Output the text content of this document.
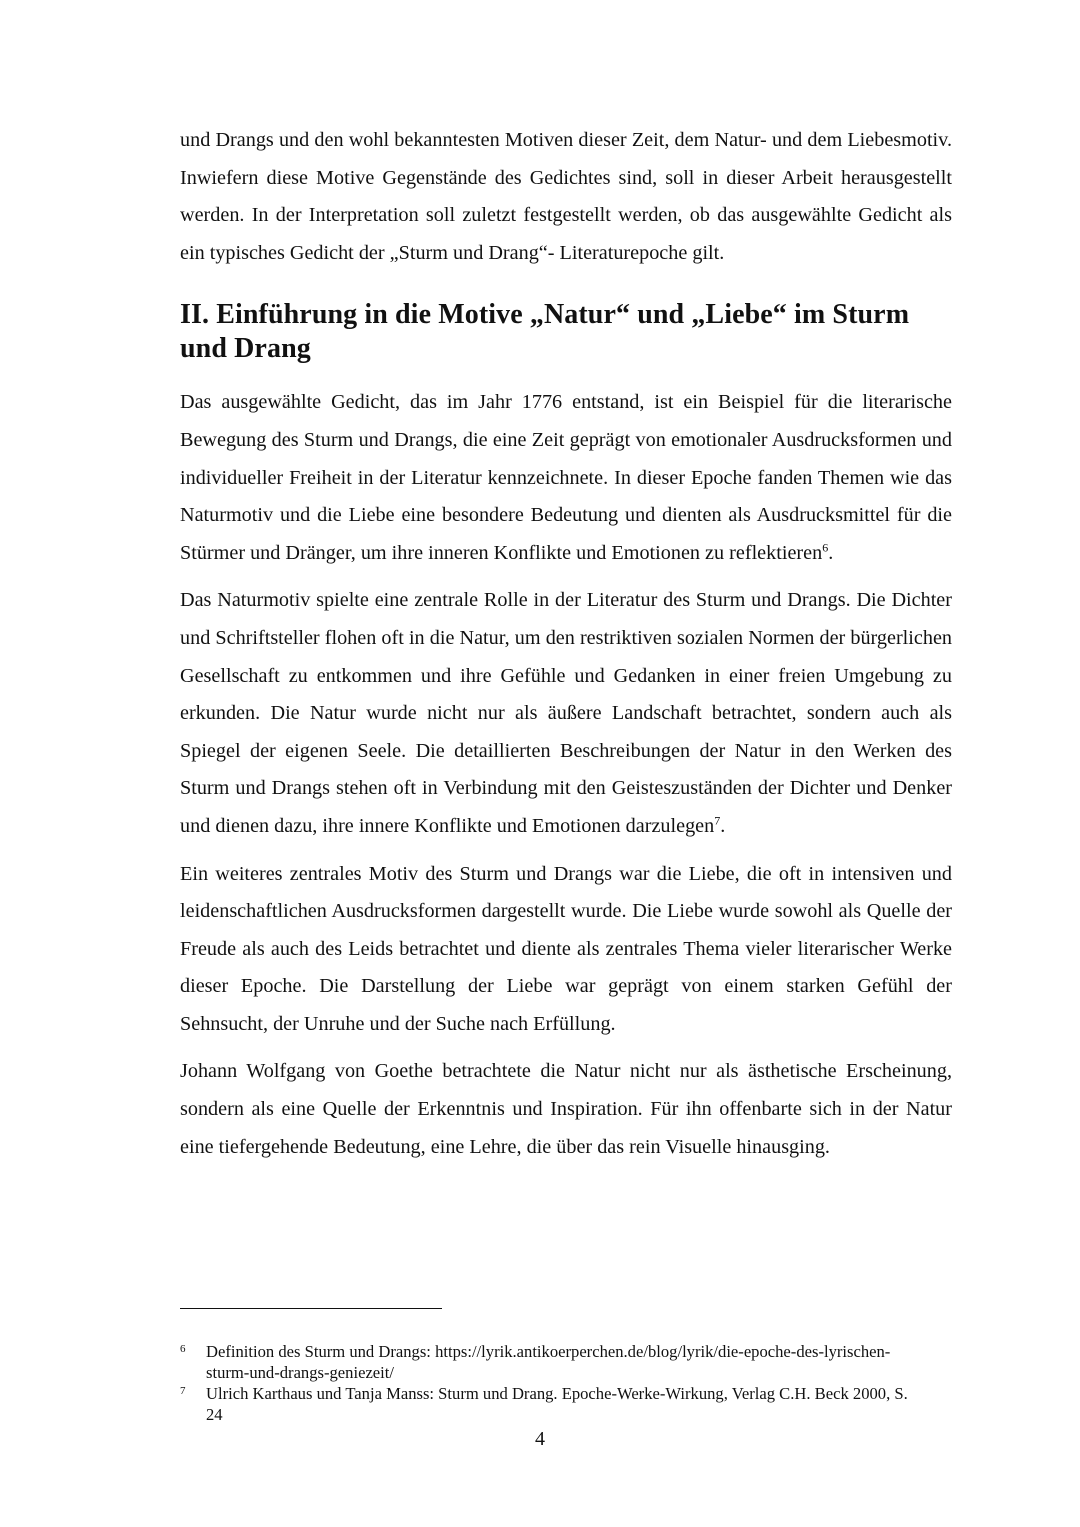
und Drangs und den wohl bekanntesten Motiven dieser Zeit, dem Natur- und dem Liebesmotiv. Inwiefern diese Motive Gegenstände des Gedichtes sind, soll in dieser Arbeit herausgestellt werden. In der Interpretation soll zuletzt festgestellt werden, ob das ausgewählte Gedicht als ein typisches Gedicht der „Sturm und Drang“- Literaturepoche gilt.

II. Einführung in die Motive „Natur“ und „Liebe“ im Sturm und Drang

Das ausgewählte Gedicht, das im Jahr 1776 entstand, ist ein Beispiel für die literarische Bewegung des Sturm und Drangs, die eine Zeit geprägt von emotionaler Ausdrucksformen und individueller Freiheit in der Literatur kennzeichnete. In dieser Epoche fanden Themen wie das Naturmotiv und die Liebe eine besondere Bedeutung und dienten als Ausdrucksmittel für die Stürmer und Dränger, um ihre inneren Konflikte und Emotionen zu reflektieren$^6$.

Das Naturmotiv spielte eine zentrale Rolle in der Literatur des Sturm und Drangs. Die Dichter und Schriftsteller flohen oft in die Natur, um den restriktiven sozialen Normen der bürgerlichen Gesellschaft zu entkommen und ihre Gefühle und Gedanken in einer freien Umgebung zu erkunden. Die Natur wurde nicht nur als äußere Landschaft betrachtet, sondern auch als Spiegel der eigenen Seele. Die detaillierten Beschreibungen der Natur in den Werken des Sturm und Drangs stehen oft in Verbindung mit den Geisteszuständen der Dichter und Denker und dienen dazu, ihre innere Konflikte und Emotionen darzulegen$^7$.

Ein weiteres zentrales Motiv des Sturm und Drangs war die Liebe, die oft in intensiven und leidenschaftlichen Ausdrucksformen dargestellt wurde. Die Liebe wurde sowohl als Quelle der Freude als auch des Leids betrachtet und diente als zentrales Thema vieler literarischer Werke dieser Epoche. Die Darstellung der Liebe war geprägt von einem starken Gefühl der Sehnsucht, der Unruhe und der Suche nach Erfüllung.

Johann Wolfgang von Goethe betrachtete die Natur nicht nur als ästhetische Erscheinung, sondern als eine Quelle der Erkenntnis und Inspiration. Für ihn offenbarte sich in der Natur eine tiefergehende Bedeutung, eine Lehre, die über das rein Visuelle hinausging.

6	Definition des Sturm und Drangs: https://lyrik.antikoerperchen.de/blog/lyrik/die-epoche-des-lyrischen-sturm-und-drangs-geniezeit/
7	Ulrich Karthaus und Tanja Manss: Sturm und Drang. Epoche-Werke-Wirkung, Verlag C.H. Beck 2000, S. 24
4
